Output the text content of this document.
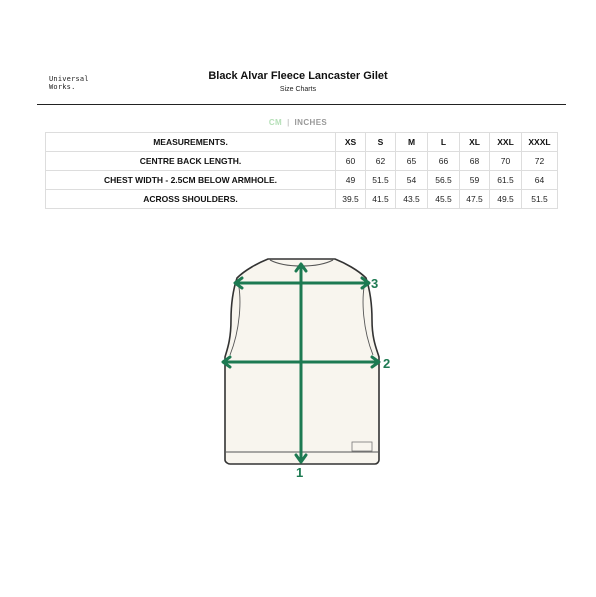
Universal
Works.
Black Alvar Fleece Lancaster Gilet
Size Charts
CM | INCHES
MEASUREMENTS.	XS	S	M	L	XL	XXL	XXXL
CENTRE BACK LENGTH.	60	62	65	66	68	70	72
CHEST WIDTH - 2.5CM BELOW ARMHOLE.	49	51.5	54	56.5	59	61.5	64
ACROSS SHOULDERS.	39.5	41.5	43.5	45.5	47.5	49.5	51.5
1
2
3
